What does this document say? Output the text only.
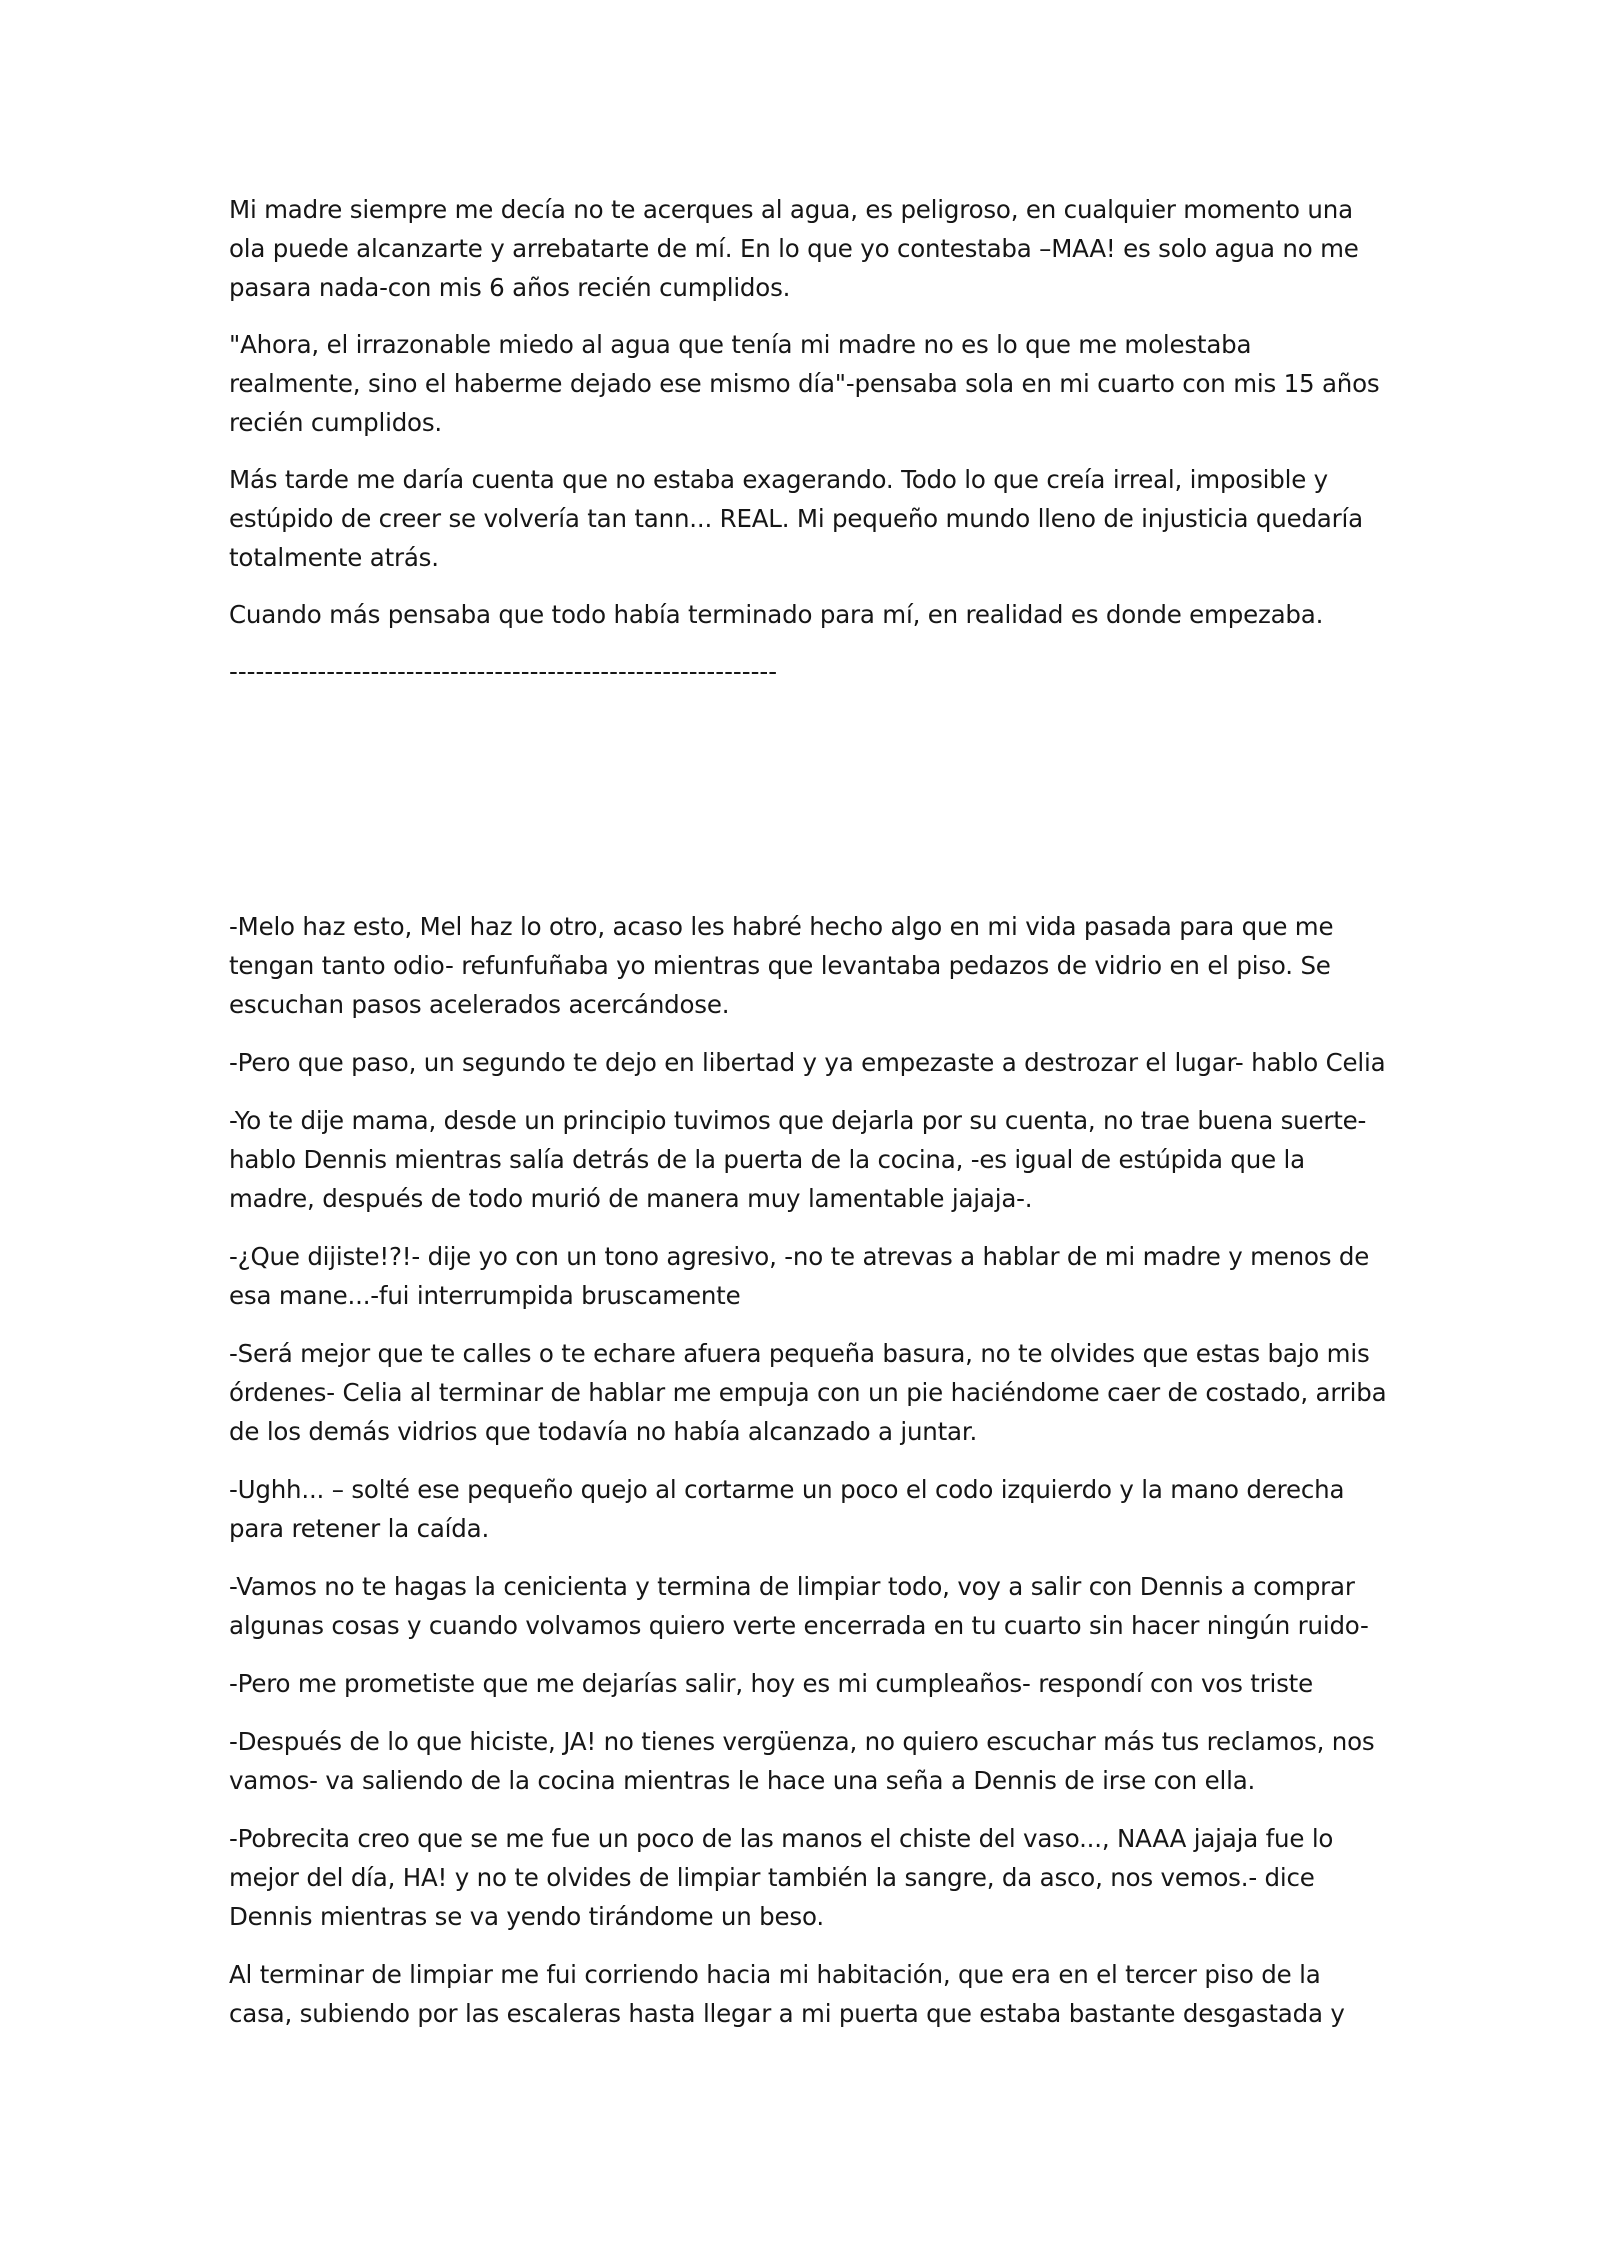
Mi madre siempre me decía no te acerques al agua, es peligroso, en cualquier momento una ola puede alcanzarte y arrebatarte de mí. En lo que yo contestaba –MAA! es solo agua no me pasara nada-con mis 6 años recién cumplidos.

"Ahora, el irrazonable miedo al agua que tenía mi madre no es lo que me molestaba realmente, sino el haberme dejado ese mismo día"-pensaba sola en mi cuarto con mis 15 años recién cumplidos.

Más tarde me daría cuenta que no estaba exagerando. Todo lo que creía irreal, imposible y estúpido de creer se volvería tan tann... REAL. Mi pequeño mundo lleno de injusticia quedaría totalmente atrás.

Cuando más pensaba que todo había terminado para mí, en realidad es donde empezaba.

--------------------------------------------------------------

-Melo haz esto, Mel haz lo otro, acaso les habré hecho algo en mi vida pasada para que me tengan tanto odio- refunfuñaba yo mientras que levantaba pedazos de vidrio en el piso. Se escuchan pasos acelerados acercándose.

-Pero que paso, un segundo te dejo en libertad y ya empezaste a destrozar el lugar- hablo Celia

-Yo te dije mama, desde un principio tuvimos que dejarla por su cuenta, no trae buena suerte- hablo Dennis mientras salía detrás de la puerta de la cocina, -es igual de estúpida que la madre, después de todo murió de manera muy lamentable jajaja-.

-¿Que dijiste!?!- dije yo con un tono agresivo, -no te atrevas a hablar de mi madre y menos de esa mane...-fui interrumpida bruscamente

-Será mejor que te calles o te echare afuera pequeña basura, no te olvides que estas bajo mis órdenes- Celia al terminar de hablar me empuja con un pie haciéndome caer de costado, arriba de los demás vidrios que todavía no había alcanzado a juntar.

-Ughh... – solté ese pequeño quejo al cortarme un poco el codo izquierdo y la mano derecha para retener la caída.

-Vamos no te hagas la cenicienta y termina de limpiar todo, voy a salir con Dennis a comprar algunas cosas y cuando volvamos quiero verte encerrada en tu cuarto sin hacer ningún ruido-

-Pero me prometiste que me dejarías salir, hoy es mi cumpleaños- respondí con vos triste

-Después de lo que hiciste, JA! no tienes vergüenza, no quiero escuchar más tus reclamos, nos vamos- va saliendo de la cocina mientras le hace una seña a Dennis de irse con ella.

-Pobrecita creo que se me fue un poco de las manos el chiste del vaso..., NAAA jajaja fue lo mejor del día, HA! y no te olvides de limpiar también la sangre, da asco, nos vemos.- dice Dennis mientras se va yendo tirándome un beso.

Al terminar de limpiar me fui corriendo hacia mi habitación, que era en el tercer piso de la casa, subiendo por las escaleras hasta llegar a mi puerta que estaba bastante desgastada y
